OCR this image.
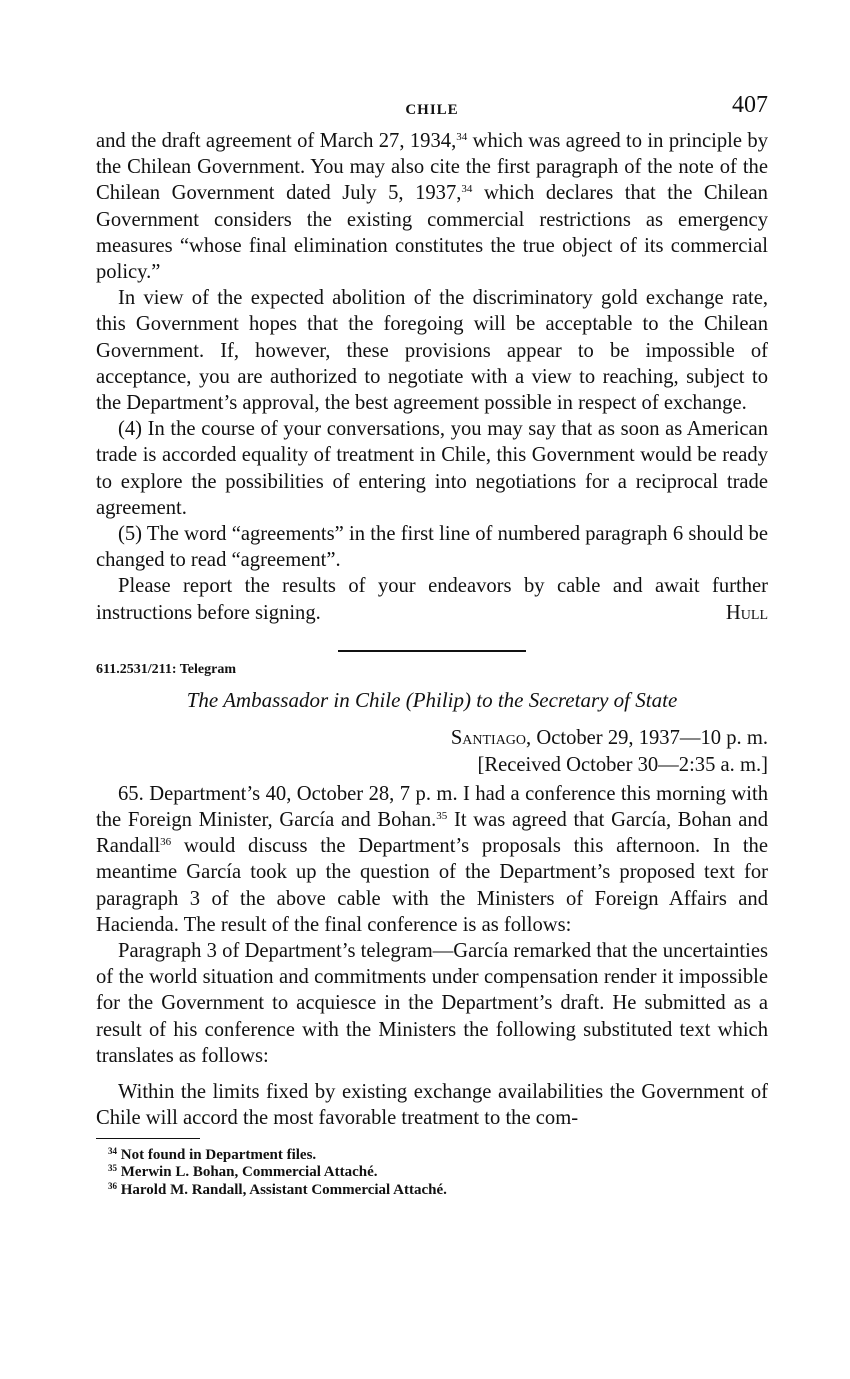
CHILE	407

and the draft agreement of March 27, 1934,34 which was agreed to in principle by the Chilean Government. You may also cite the first paragraph of the note of the Chilean Government dated July 5, 1937,34 which declares that the Chilean Government considers the existing commercial restrictions as emergency measures “whose final elimination constitutes the true object of its commercial policy.”

In view of the expected abolition of the discriminatory gold exchange rate, this Government hopes that the foregoing will be acceptable to the Chilean Government. If, however, these provisions appear to be impossible of acceptance, you are authorized to negotiate with a view to reaching, subject to the Department’s approval, the best agreement possible in respect of exchange.

(4) In the course of your conversations, you may say that as soon as American trade is accorded equality of treatment in Chile, this Government would be ready to explore the possibilities of entering into negotiations for a reciprocal trade agreement.

(5) The word “agreements” in the first line of numbered paragraph 6 should be changed to read “agreement”.

Please report the results of your endeavors by cable and await further instructions before signing.	Hull

611.2531/211: Telegram

The Ambassador in Chile (Philip) to the Secretary of State
Santiago, October 29, 1937—10 p. m.
[Received October 30—2:35 a. m.]

65. Department’s 40, October 28, 7 p. m. I had a conference this morning with the Foreign Minister, García and Bohan.$^{35}$ It was agreed that García, Bohan and Randall$^{36}$ would discuss the Department’s proposals this afternoon. In the meantime García took up the question of the Department’s proposed text for paragraph 3 of the above cable with the Ministers of Foreign Affairs and Hacienda. The result of the final conference is as follows:

Paragraph 3 of Department’s telegram—García remarked that the uncertainties of the world situation and commitments under compensation render it impossible for the Government to acquiesce in the Department’s draft. He submitted as a result of his conference with the Ministers the following substituted text which translates as follows:

Within the limits fixed by existing exchange availabilities the Government of Chile will accord the most favorable treatment to the com-

$^{34}$ Not found in Department files.

$^{35}$ Merwin L. Bohan, Commercial Attaché.

$^{36}$ Harold M. Randall, Assistant Commercial Attaché.
